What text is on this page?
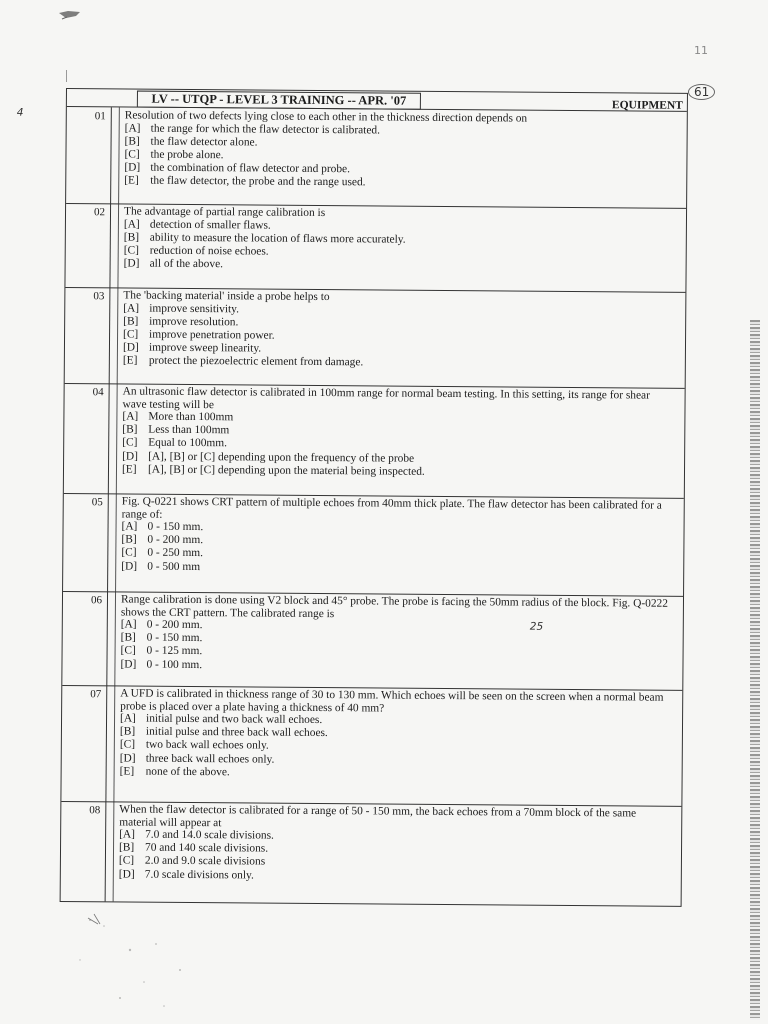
11
61
LV -- UTQP - LEVEL 3 TRAINING -- APR. '07	EQUIPMENT
4	01 Resolution of two defects lying close to each other in the thickness direction depends on
[A] the range for which the flaw detector is calibrated.
[B] the flaw detector alone.
[C] the probe alone.
[D] the combination of flaw detector and probe.
[E] the flaw detector, the probe and the range used.
02 The advantage of partial range calibration is
[A] detection of smaller flaws.
[B] ability to measure the location of flaws more accurately.
[C] reduction of noise echoes.
[D] all of the above.
03 The 'backing material' inside a probe helps to
[A] improve sensitivity.
[B] improve resolution.
[C] improve penetration power.
[D] improve sweep linearity.
[E] protect the piezoelectric element from damage.
04 An ultrasonic flaw detector is calibrated in 100mm range for normal beam testing. In this setting, its range for shear wave testing will be
[A] More than 100mm
[B] Less than 100mm
[C] Equal to 100mm.
[D] [A], [B] or [C] depending upon the frequency of the probe
[E] [A], [B] or [C] depending upon the material being inspected.
05 Fig. Q-0221 shows CRT pattern of multiple echoes from 40mm thick plate. The flaw detector has been calibrated for a range of:
[A] 0 - 150 mm.
[B] 0 - 200 mm.
[C] 0 - 250 mm.
[D] 0 - 500 mm
06 Range calibration is done using V2 block and 45° probe. The probe is facing the 50mm radius of the block. Fig. Q-0222 shows the CRT pattern. The calibrated range is
[A] 0 - 200 mm.
[B] 0 - 150 mm.
[C] 0 - 125 mm.
[D] 0 - 100 mm.
25
07 A UFD is calibrated in thickness range of 30 to 130 mm. Which echoes will be seen on the screen when a normal beam probe is placed over a plate having a thickness of 40 mm?
[A] initial pulse and two back wall echoes.
[B] initial pulse and three back wall echoes.
[C] two back wall echoes only.
[D] three back wall echoes only.
[E] none of the above.
08 When the flaw detector is calibrated for a range of 50 - 150 mm, the back echoes from a 70mm block of the same material will appear at
[A] 7.0 and 14.0 scale divisions.
[B] 70 and 140 scale divisions.
[C] 2.0 and 9.0 scale divisions
[D] 7.0 scale divisions only.
